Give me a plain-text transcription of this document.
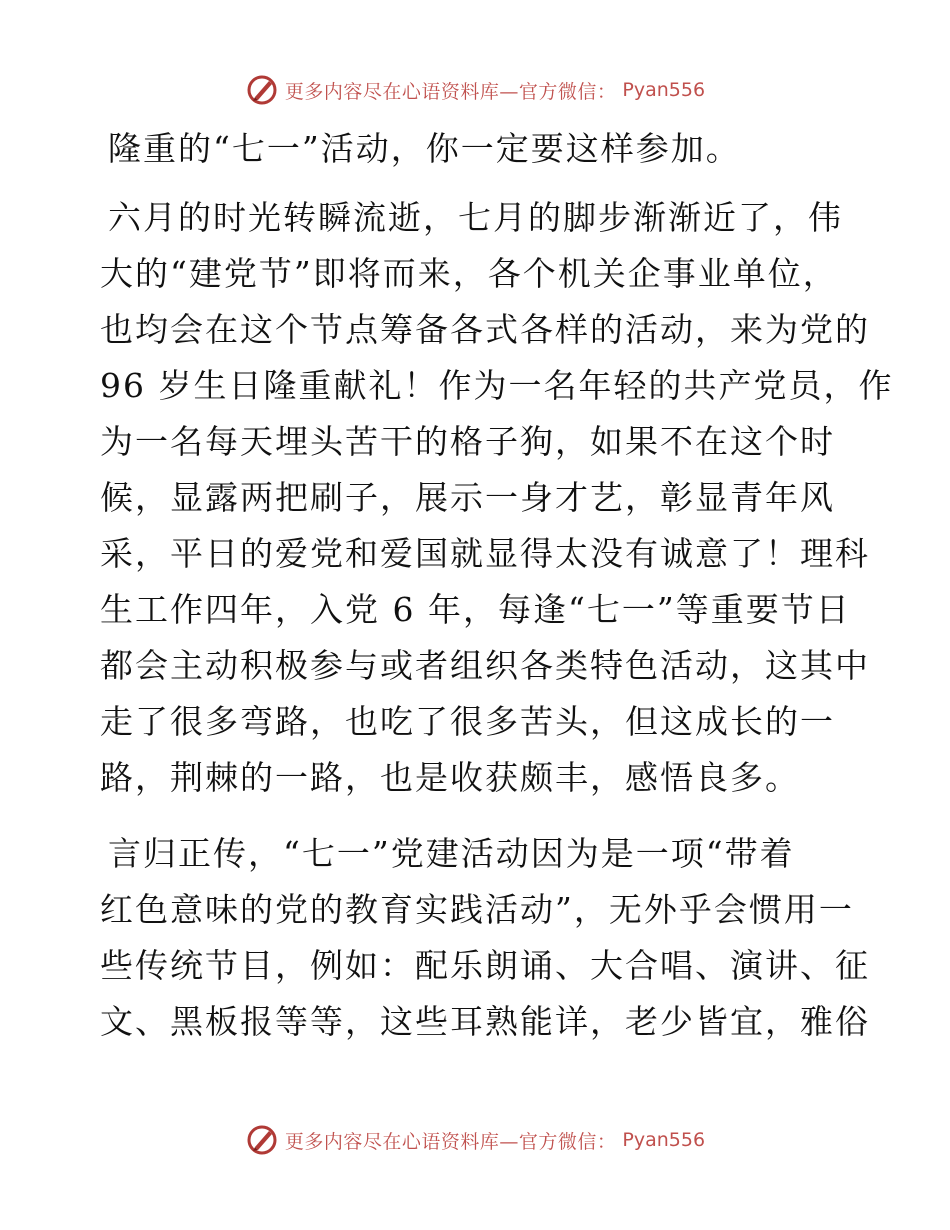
更多内容尽在心语资料库—官方微信： Pyan556
隆重的“七一”活动，你一定要这样参加。
六月的时光转瞬流逝，七月的脚步渐渐近了，伟
大的“建党节”即将而来，各个机关企事业单位，
也均会在这个节点筹备各式各样的活动，来为党的
96 岁生日隆重献礼！作为一名年轻的共产党员，作
为一名每天埋头苦干的格子狗，如果不在这个时
候，显露两把刷子，展示一身才艺，彰显青年风
采，平日的爱党和爱国就显得太没有诚意了！理科
生工作四年，入党 6 年，每逢“七一”等重要节日
都会主动积极参与或者组织各类特色活动，这其中
走了很多弯路，也吃了很多苦头，但这成长的一
路，荆棘的一路，也是收获颇丰，感悟良多。
言归正传，“七一”党建活动因为是一项“带着
红色意味的党的教育实践活动”，无外乎会惯用一
些传统节目，例如：配乐朗诵、大合唱、演讲、征
文、黑板报等等，这些耳熟能详，老少皆宜，雅俗
更多内容尽在心语资料库—官方微信： Pyan556
